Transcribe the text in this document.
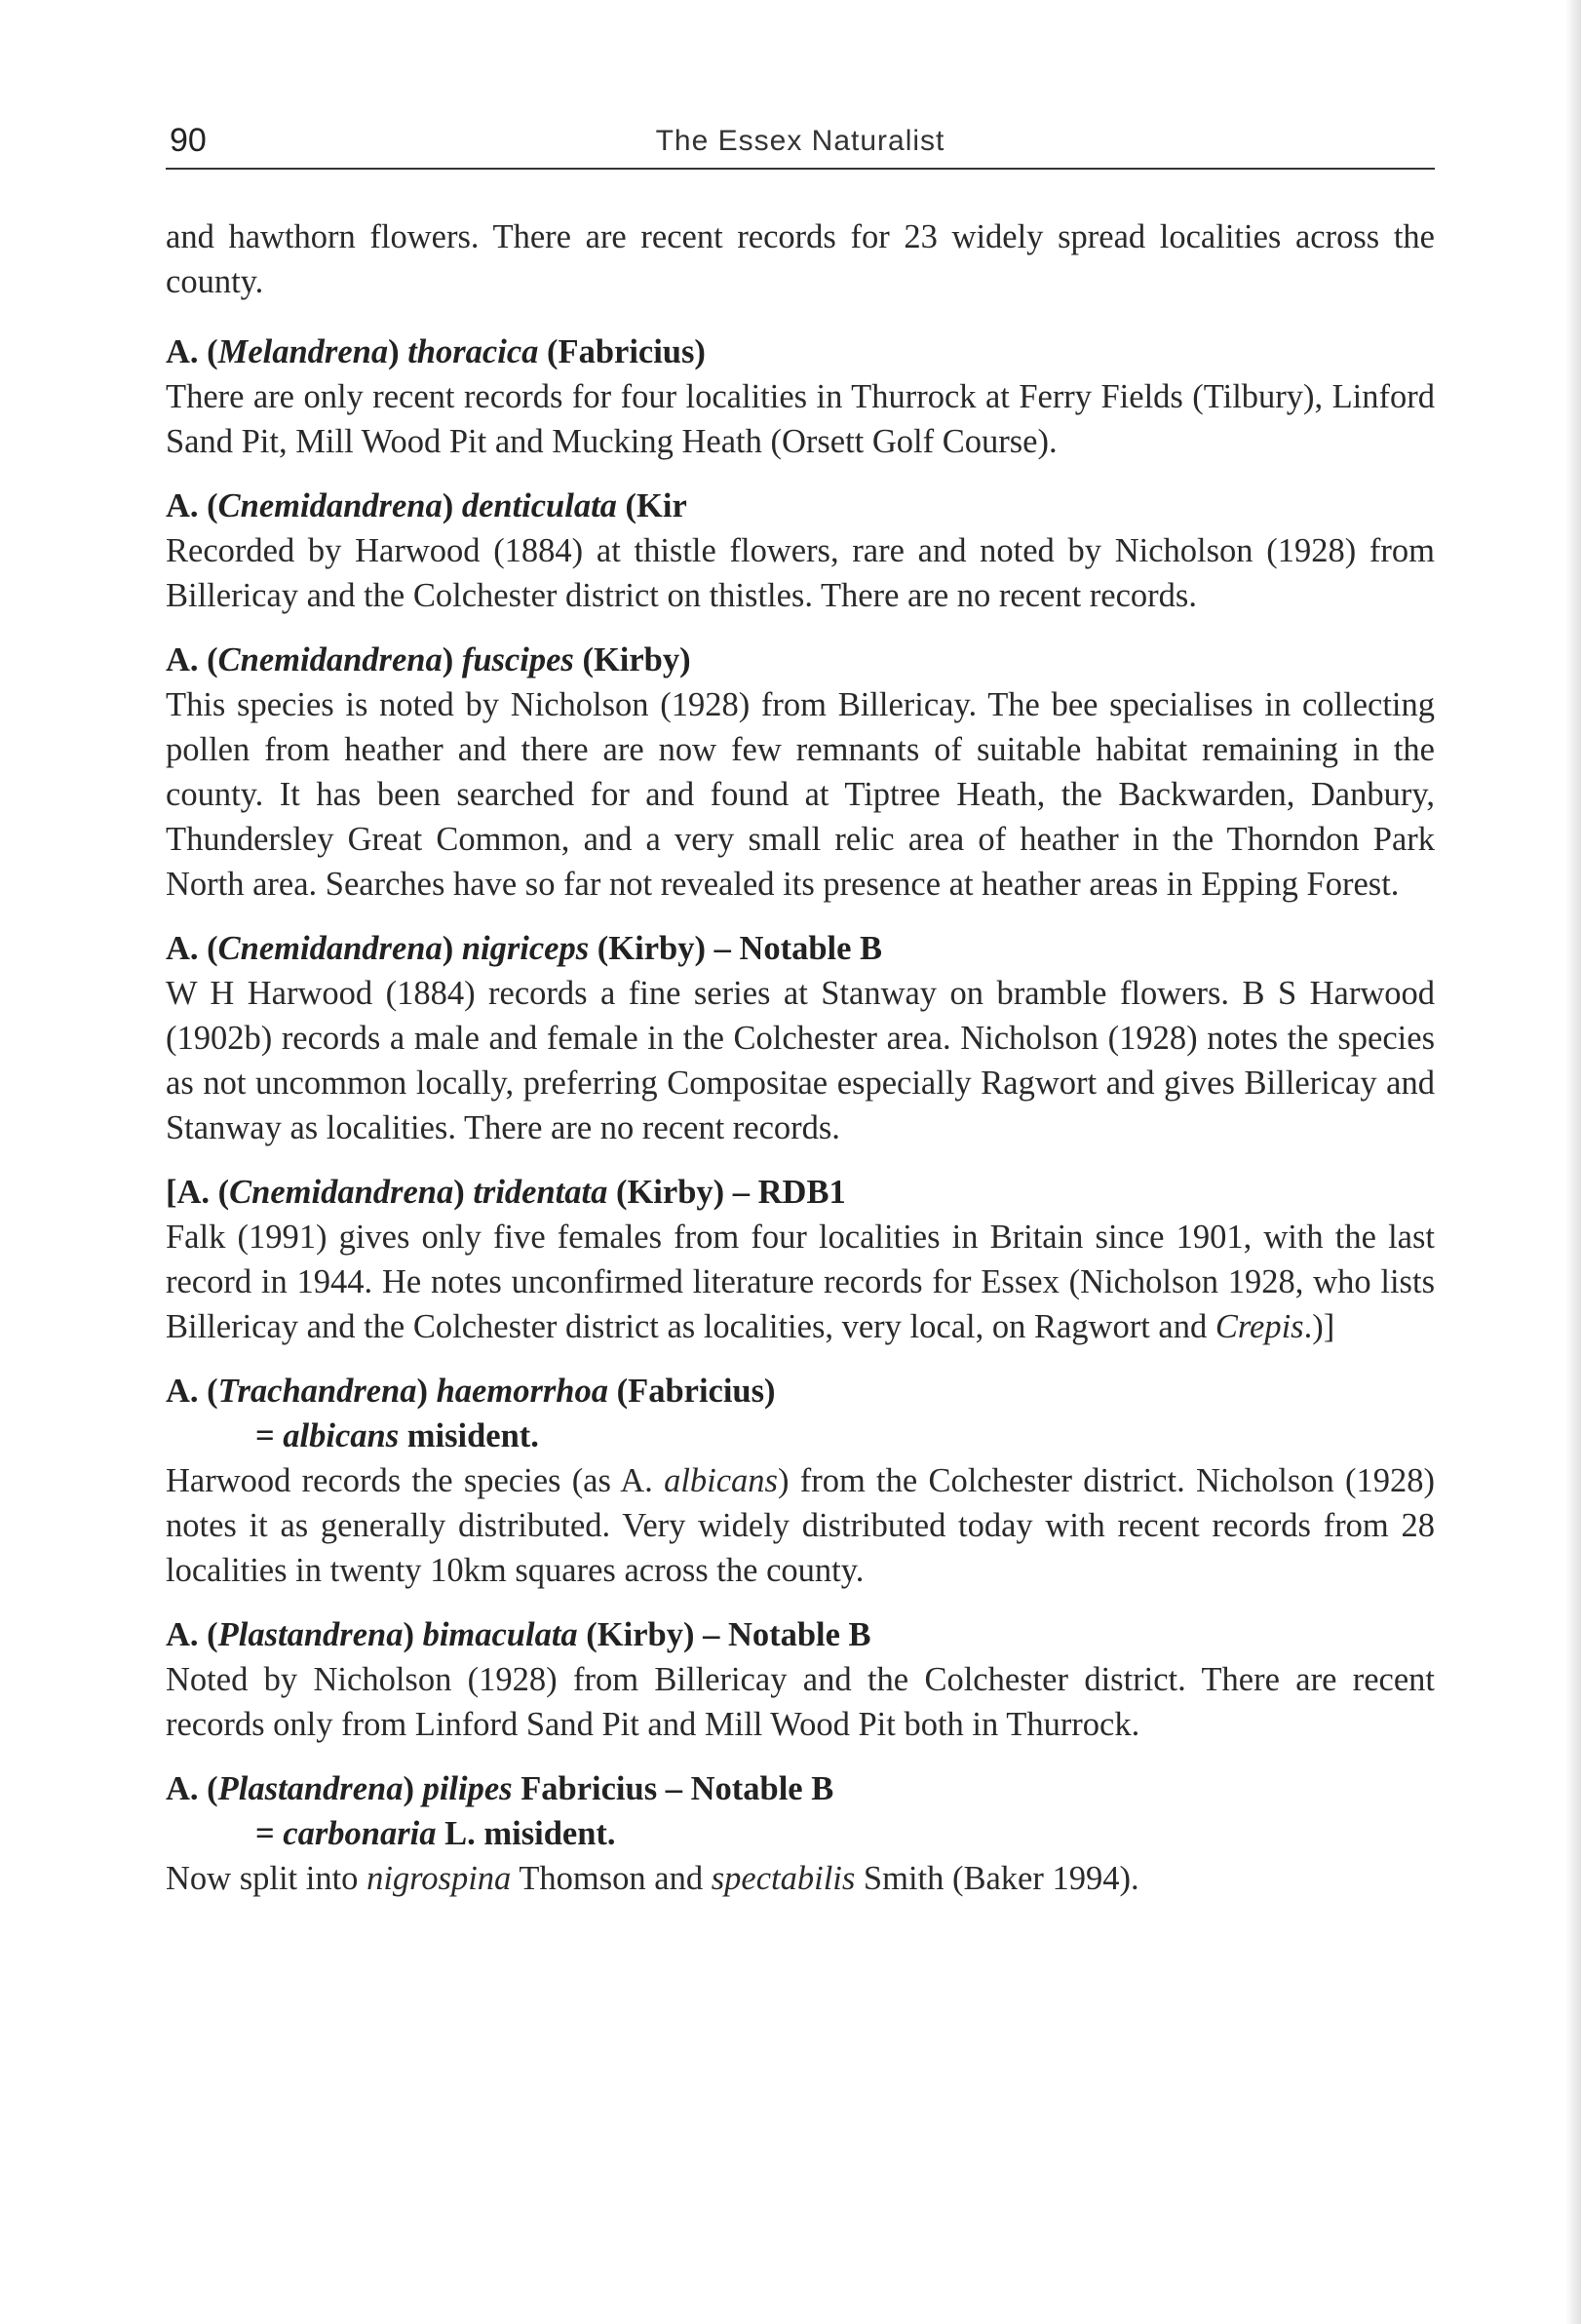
90	The Essex Naturalist

and hawthorn flowers. There are recent records for 23 widely spread localities across the county.

A. (Melandrena) thoracica (Fabricius)

There are only recent records for four localities in Thurrock at Ferry Fields (Tilbury), Linford Sand Pit, Mill Wood Pit and Mucking Heath (Orsett Golf Course).

A. (Cnemidandrena) denticulata (Kir

Recorded by Harwood (1884) at thistle flowers, rare and noted by Nicholson (1928) from Billericay and the Colchester district on thistles. There are no recent records.

A. (Cnemidandrena) fuscipes (Kirby)

This species is noted by Nicholson (1928) from Billericay. The bee specialises in collecting pollen from heather and there are now few remnants of suitable habitat remaining in the county. It has been searched for and found at Tiptree Heath, the Backwarden, Danbury, Thundersley Great Common, and a very small relic area of heather in the Thorndon Park North area. Searches have so far not revealed its presence at heather areas in Epping Forest.

A. (Cnemidandrena) nigriceps (Kirby) – Notable B

W H Harwood (1884) records a fine series at Stanway on bramble flowers. B S Harwood (1902b) records a male and female in the Colchester area. Nicholson (1928) notes the species as not uncommon locally, preferring Compositae especially Ragwort and gives Billericay and Stanway as localities. There are no recent records.

[A. (Cnemidandrena) tridentata (Kirby) – RDB1

Falk (1991) gives only five females from four localities in Britain since 1901, with the last record in 1944. He notes unconfirmed literature records for Essex (Nicholson 1928, who lists Billericay and the Colchester district as localities, very local, on Ragwort and Crepis.)]

A. (Trachandrena) haemorrhoa (Fabricius)

= albicans misident.

Harwood records the species (as A. albicans) from the Colchester district. Nicholson (1928) notes it as generally distributed. Very widely distributed today with recent records from 28 localities in twenty 10km squares across the county.

A. (Plastandrena) bimaculata (Kirby) – Notable B

Noted by Nicholson (1928) from Billericay and the Colchester district. There are recent records only from Linford Sand Pit and Mill Wood Pit both in Thurrock.

A. (Plastandrena) pilipes Fabricius – Notable B

= carbonaria L. misident.

Now split into nigrospina Thomson and spectabilis Smith (Baker 1994).
